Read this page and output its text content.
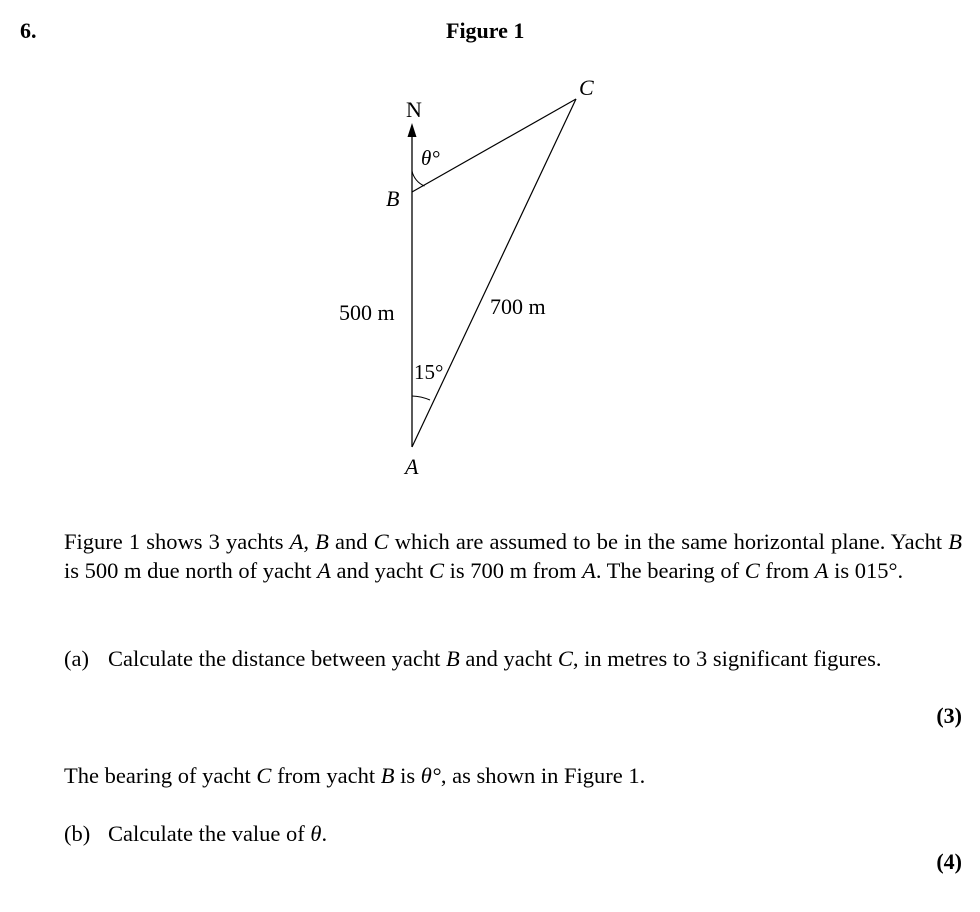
6.	Figure 1
N
C
B
A
θ°
15°
500 m	700 m
Figure 1 shows 3 yachts A, B and C which are assumed to be in the same horizontal plane. Yacht B is 500 m due north of yacht A and yacht C is 700 m from A. The bearing of C from A is 015°.
(a) Calculate the distance between yacht B and yacht C, in metres to 3 significant figures.
(3)
The bearing of yacht C from yacht B is θ°, as shown in Figure 1.
(b) Calculate the value of θ.
(4)
